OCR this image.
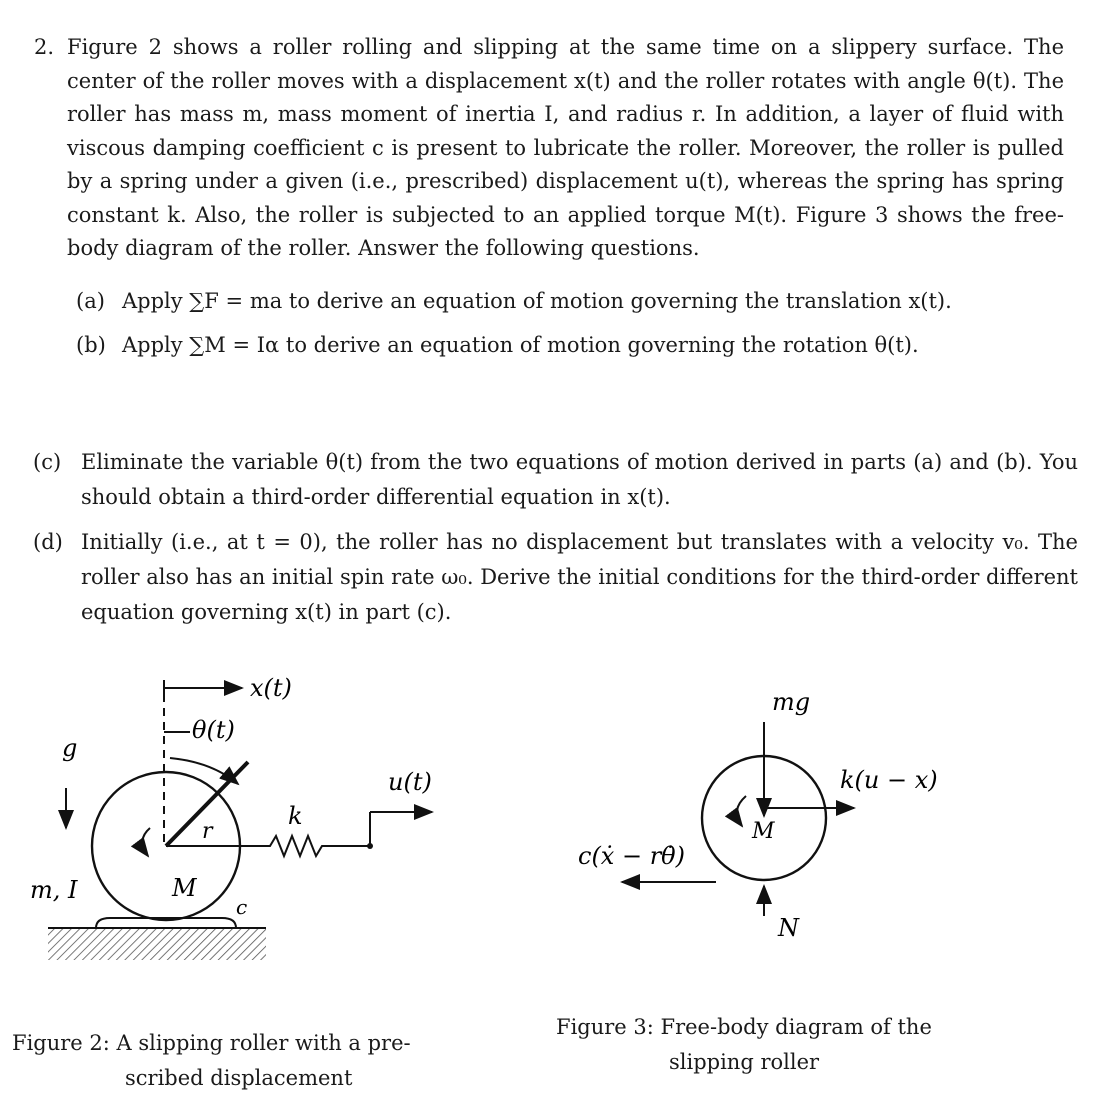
2. Figure 2 shows a roller rolling and slipping at the same time on a slippery surface. The center of the roller moves with a displacement x(t) and the roller rotates with angle θ(t). The roller has mass m, mass moment of inertia I, and radius r. In addition, a layer of fluid with viscous damping coefficient c is present to lubricate the roller. Moreover, the roller is pulled by a spring under a given (i.e., prescribed) displacement u(t), whereas the spring has spring constant k. Also, the roller is subjected to an applied torque M(t). Figure 3 shows the free-body diagram of the roller. Answer the following questions.
(a) Apply ∑F = ma to derive an equation of motion governing the translation x(t).
(b) Apply ∑M = Iα to derive an equation of motion governing the rotation θ(t).
(c) Eliminate the variable θ(t) from the two equations of motion derived in parts (a) and (b). You should obtain a third-order differential equation in x(t).
(d) Initially (i.e., at t = 0), the roller has no displacement but translates with a velocity v₀. The roller also has an initial spin rate ω₀. Derive the initial conditions for the third-order different equation governing x(t) in part (c).
x(t)
θ(t)
r
M
g
m, I
c
k
u(t)
Figure 2: A slipping roller with a pre-
scribed displacement
mg
k(u − x)
M
c(ẋ − rθ̇)
N
Figure 3: Free-body diagram of the
slipping roller
